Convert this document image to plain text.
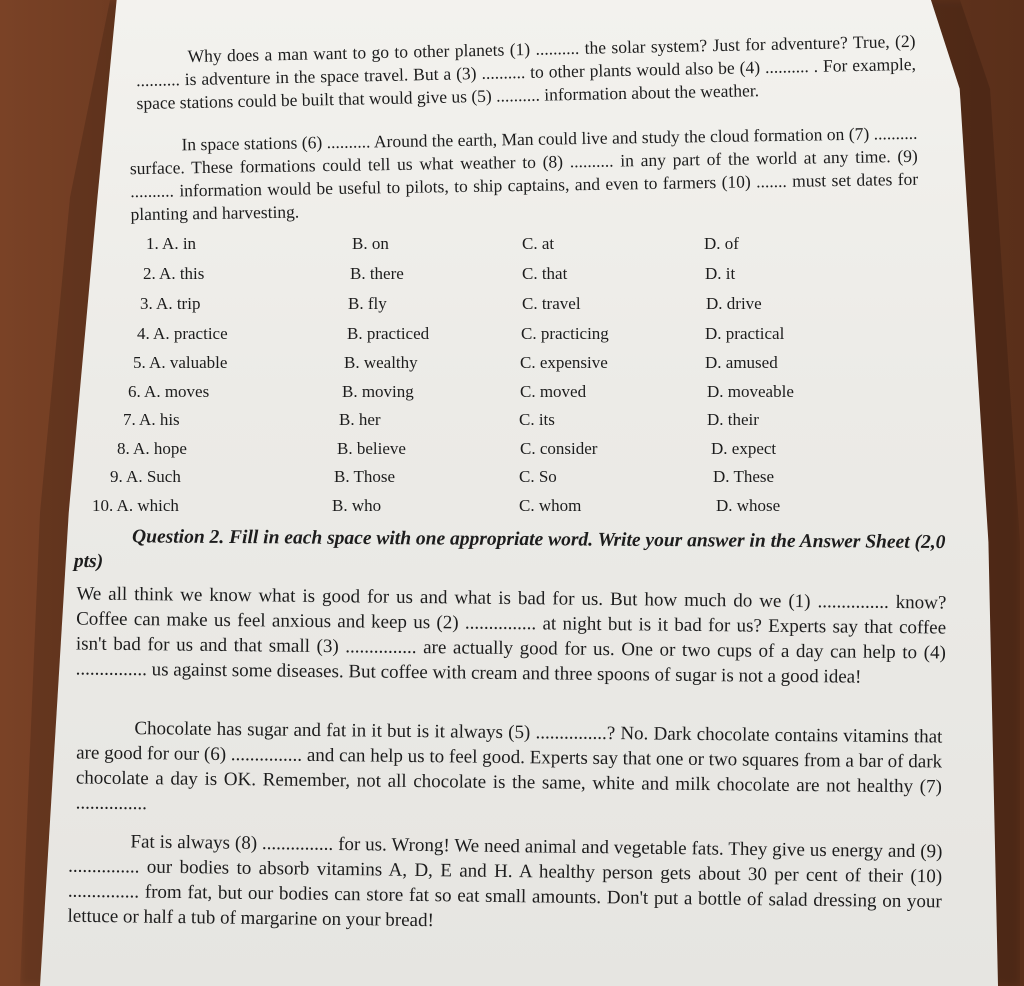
Why does a man want to go to other planets (1) .......... the solar system? Just for adventure? True, (2) .......... is adventure in the space travel. But a (3) .......... to other plants would also be (4) .......... . For example, space stations could be built that would give us (5) .......... information about the weather.

In space stations (6) .......... Around the earth, Man could live and study the cloud formation on (7) .......... surface. These formations could tell us what weather to (8) .......... in any part of the world at any time. (9) .......... information would be useful to pilots, to ship captains, and even to farmers (10) ....... must set dates for planting and harvesting.

1. A. in	B. on	C. at	D. of
2. A. this	B. there	C. that	D. it
3. A. trip	B. fly	C. travel	D. drive
4. A. practice	B. practiced	C. practicing	D. practical
5. A. valuable	B. wealthy	C. expensive	D. amused
6. A. moves	B. moving	C. moved	D. moveable
7. A. his	B. her	C. its	D. their
8. A. hope	B. believe	C. consider	D. expect
9. A. Such	B. Those	C. So	D. These
10. A. which	B. who	C. whom	D. whose
Question 2. Fill in each space with one appropriate word. Write your answer in the Answer Sheet (2,0 pts)

We all think we know what is good for us and what is bad for us. But how much do we (1) ............... know? Coffee can make us feel anxious and keep us (2) ............... at night but is it bad for us? Experts say that coffee isn't bad for us and that small (3) ............... are actually good for us. One or two cups of a day can help to (4) ............... us against some diseases. But coffee with cream and three spoons of sugar is not a good idea!

Chocolate has sugar and fat in it but is it always (5) ...............? No. Dark chocolate contains vitamins that are good for our (6) ............... and can help us to feel good. Experts say that one or two squares from a bar of dark chocolate a day is OK. Remember, not all chocolate is the same, white and milk chocolate are not healthy (7) ...............

Fat is always (8) ............... for us. Wrong! We need animal and vegetable fats. They give us energy and (9) ............... our bodies to absorb vitamins A, D, E and H. A healthy person gets about 30 per cent of their (10) ............... from fat, but our bodies can store fat so eat small amounts. Don't put a bottle of salad dressing on your lettuce or half a tub of margarine on your bread!
